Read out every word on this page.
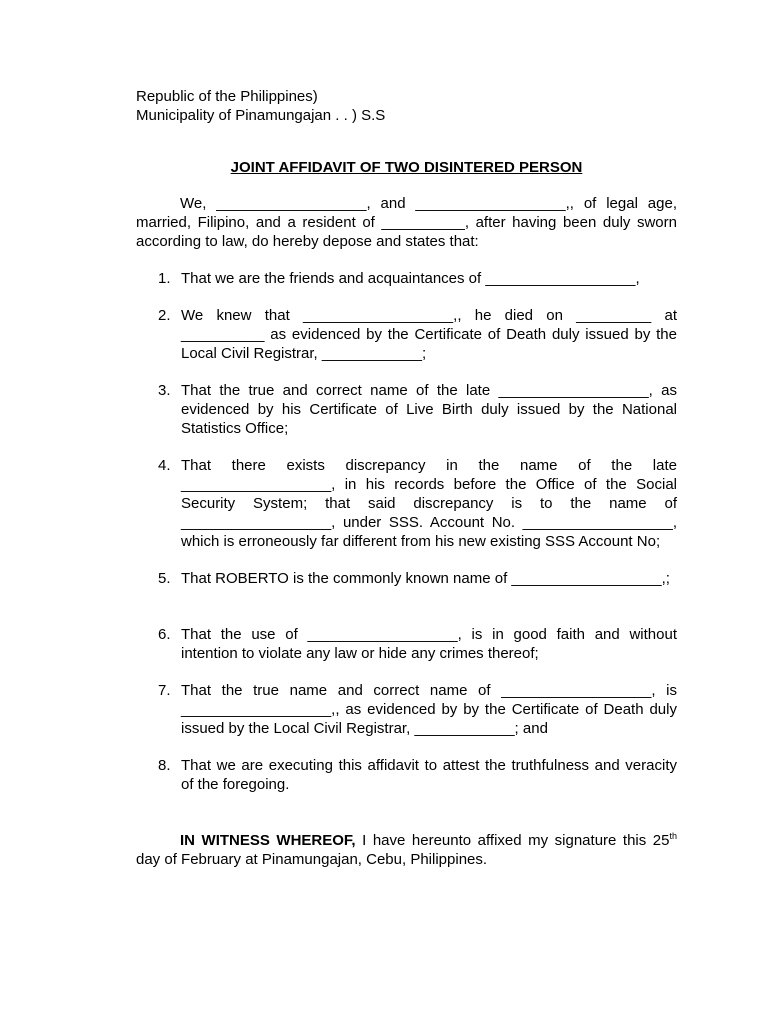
Republic of the Philippines)
Municipality of Pinamungajan . . ) S.S
JOINT AFFIDAVIT OF TWO DISINTERED PERSON
We, __________________, and __________________,, of legal age, married, Filipino, and a resident of __________, after having been duly sworn according to law, do hereby depose and states that:
1. That we are the friends and acquaintances of __________________,
2. We knew that __________________,, he died on _________ at __________ as evidenced by the Certificate of Death duly issued by the Local Civil Registrar, ____________;
3. That the true and correct name of the late __________________, as evidenced by his Certificate of Live Birth duly issued by the National Statistics Office;
4. That there exists discrepancy in the name of the late __________________, in his records before the Office of the Social Security System; that said discrepancy is to the name of __________________, under SSS. Account No. __________________, which is erroneously far different from his new existing SSS Account No;
5. That ROBERTO is the commonly known name of __________________,;
6. That the use of __________________, is in good faith and without intention to violate any law or hide any crimes thereof;
7. That the true name and correct name of __________________, is __________________,, as evidenced by by the Certificate of Death duly issued by the Local Civil Registrar, ____________; and
8. That we are executing this affidavit to attest the truthfulness and veracity of the foregoing.
IN WITNESS WHEREOF, I have hereunto affixed my signature this 25th day of February at Pinamungajan, Cebu, Philippines.
